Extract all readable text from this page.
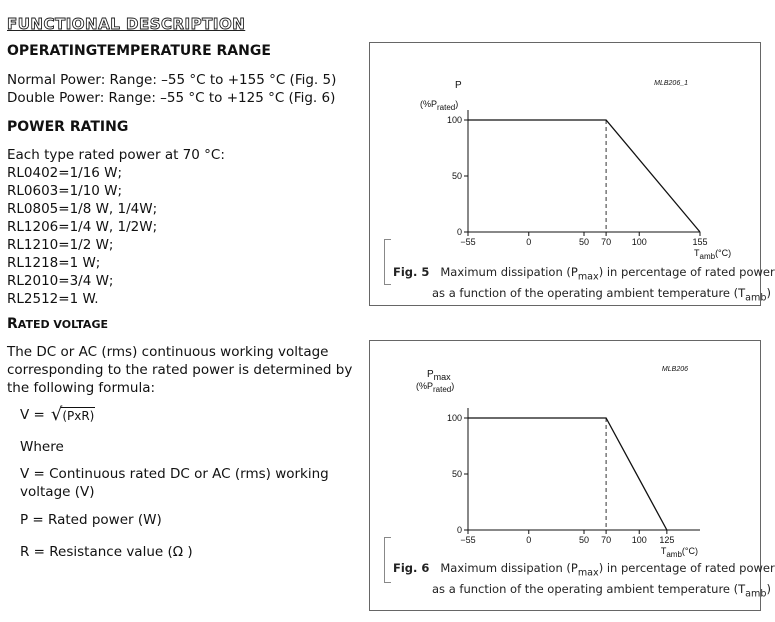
FUNCTIONAL DESCRIPTION
OPERATINGTEMPERATURE RANGE
Normal Power: Range: –55 °C to +155 °C (Fig. 5)
Double Power: Range: –55 °C to +125 °C (Fig. 6)
POWER RATING
Each type rated power at 70 °C:
RL0402=1/16 W;
RL0603=1/10 W;
RL0805=1/8 W, 1/4W;
RL1206=1/4 W, 1/2W;
RL1210=1/2 W;
RL1218=1 W;
RL2010=3/4 W;
RL2512=1 W.
RATED VOLTAGE
The DC or AC (rms) continuous working voltage
corresponding to the rated power is determined by
the following formula:
V = √ (PxR)
Where
V = Continuous rated DC or AC (rms) working
voltage (V)
P = Rated power (W)
R = Resistance value (Ω )
MLB206_1
P
(%Prated)
0
50
100
−55	0	50 70 100	155
Tamb(°C)
Fig. 5 Maximum dissipation $(P_{max})$ in percentage of rated power
as a function of the operating ambient temperature $(T_{amb})$
MLB206
Pmax
(%Prated)
0
50
100
−55	0	50 70 100 125
Tamb(°C)
Fig. 6 Maximum dissipation $(P_{max})$ in percentage of rated power
as a function of the operating ambient temperature $(T_{amb})$
